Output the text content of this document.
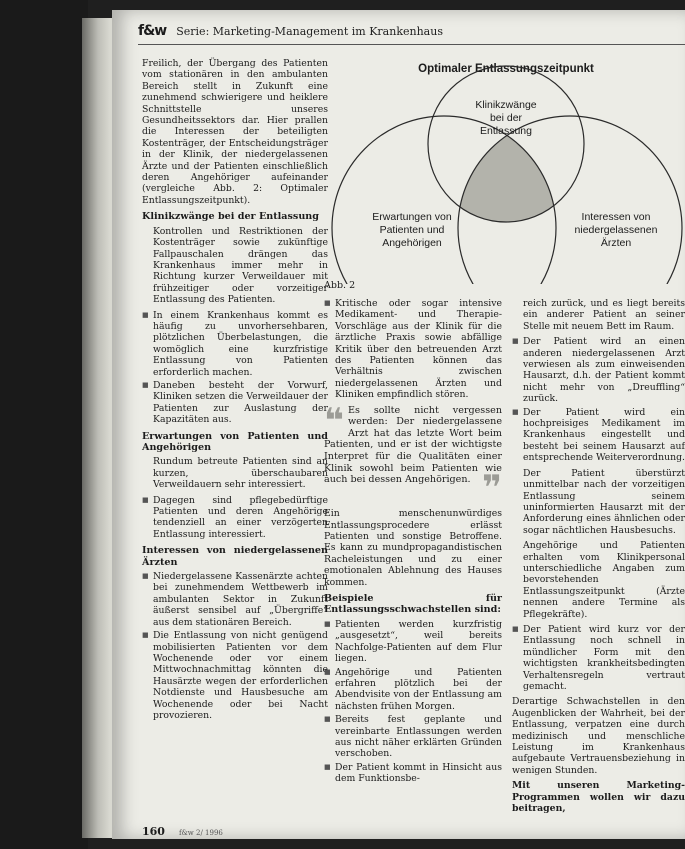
f&w Serie: Marketing-Management im Krankenhaus

Freilich, der Übergang des Patienten vom stationären in den ambulanten Bereich stellt in Zukunft eine zunehmend schwierigere und heiklere Schnittstelle unseres Gesundheitssektors dar. Hier prallen die Interessen der beteiligten Kostenträger, der Entscheidungsträger in der Klinik, der niedergelassenen Ärzte und der Patienten einschließlich deren Angehöriger aufeinander (vergleiche Abb. 2: Optimaler Entlassungszeitpunkt).

Klinikzwänge bei der Entlassung

Kontrollen und Restriktionen der Kostenträger sowie zukünftige Fallpauschalen drängen das Krankenhaus immer mehr in Richtung kurzer Verweildauer mit frühzeitiger oder vorzeitiger Entlassung des Patienten.

■ In einem Krankenhaus kommt es häufig zu unvorhersehbaren, plötzlichen Überbelastungen, die womöglich eine kurzfristige Entlassung von Patienten erforderlich machen.
■ Daneben besteht der Vorwurf, Kliniken setzen die Verweildauer der Patienten zur Auslastung der Kapazitäten aus.
Erwartungen von Patienten und Angehörigen

Rundum betreute Patienten sind an kurzen, überschaubaren Verweildauern sehr interessiert.

■ Dagegen sind pflegebedürftige Patienten und deren Angehörige tendenziell an einer verzögerten Entlassung interessiert.
Interessen von niedergelassenen Ärzten
■ Niedergelassene Kassenärzte achten bei zunehmendem Wettbewerb im ambulanten Sektor in Zukunft äußerst sensibel auf „Übergriffe“ aus dem stationären Bereich.
■ Die Entlassung von nicht genügend mobilisierten Patienten vor dem Wochenende oder vor einem Mittwochnachmittag könnten die Hausärzte wegen der erforderlichen Notdienste und Hausbesuche am Wochenende oder bei Nacht provozieren.
Optimaler Entlassungszeitpunkt
Klinikzwänge
bei der
Entlassung
Erwartungen von
Patienten und
Angehörigen
Interessen von
niedergelassenen
Ärzten
Abb. 2
■ Kritische oder sogar intensive Medikament- und Therapie-Vorschläge aus der Klinik für die ärztliche Praxis sowie abfällige Kritik über den betreuenden Arzt des Patienten können das Verhältnis zwischen niedergelassenen Ärzten und Kliniken empfindlich stören.
❝ Es sollte nicht vergessen werden: Der niedergelassene Arzt hat das letzte Wort beim Patienten, und er ist der wichtigste Interpret für die Qualitäten einer Klinik sowohl beim Patienten wie auch bei dessen Angehörigen. ❞

Ein menschenunwürdiges Entlassungsprocedere erlässt Patienten und sonstige Betroffene. Es kann zu mundpropagandistischen Racheleistungen und zu einer emotionalen Ablehnung des Hauses kommen.

Beispiele für Entlassungsschwachstellen sind:
■ Patienten werden kurzfristig „ausgesetzt“, weil bereits Nachfolge-Patienten auf dem Flur liegen.
■ Angehörige und Patienten erfahren plötzlich bei der Abendvisite von der Entlassung am nächsten frühen Morgen.
■ Bereits fest geplante und vereinbarte Entlassungen werden aus nicht näher erklärten Gründen verschoben.
■ Der Patient kommt in Hinsicht aus dem Funktionsbe-

reich zurück, und es liegt bereits ein anderer Patient an seiner Stelle mit neuem Bett im Raum.

■ Der Patient wird an einen anderen niedergelassenen Arzt verwiesen als zum einweisenden Hausarzt, d.h. der Patient kommt nicht mehr von „Dreuffling“ zurück.
■ Der Patient wird ein hochpreisiges Medikament im Krankenhaus eingestellt und besteht bei seinem Hausarzt auf entsprechende Weiterverordnung.

Der Patient überstürzt unmittelbar nach der vorzeitigen Entlassung seinem uninformierten Hausarzt mit der Anforderung eines ähnlichen oder sogar nächtlichen Hausbesuchs.

Angehörige und Patienten erhalten vom Klinikpersonal unterschiedliche Angaben zum bevorstehenden Entlassungszeitpunkt (Ärzte nennen andere Termine als Pflegekräfte).

■ Der Patient wird kurz vor der Entlassung noch schnell in mündlicher Form mit den wichtigsten krankheitsbedingten Verhaltensregeln vertraut gemacht.

Derartige Schwachstellen in den Augenblicken der Wahrheit, bei der Entlassung, verpatzen eine durch medizinisch und menschliche Leistung im Krankenhaus aufgebaute Vertrauensbeziehung in wenigen Stunden.

Mit unseren Marketing-Programmen wollen wir dazu beitragen,

160 f&w 2/ 1996
